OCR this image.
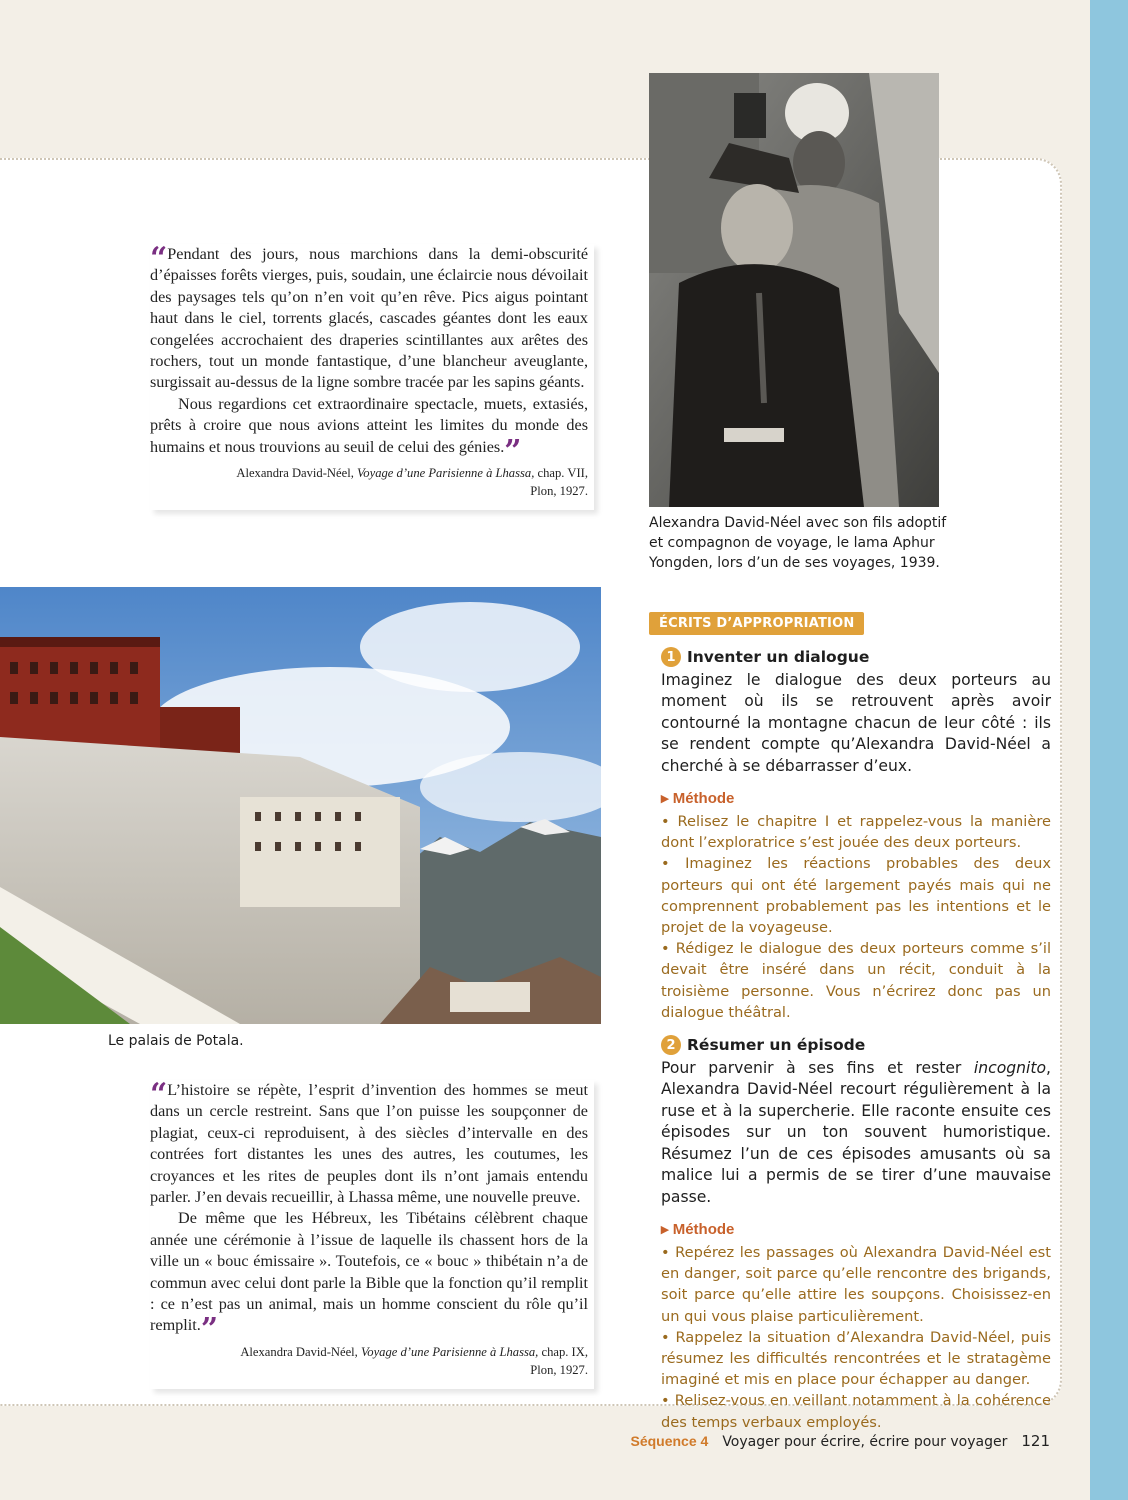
“Pendant des jours, nous marchions dans la demi-obscurité d’épaisses forêts vierges, puis, soudain, une éclaircie nous dévoilait des paysages tels qu’on n’en voit qu’en rêve. Pics aigus pointant haut dans le ciel, torrents glacés, cascades géantes dont les eaux congelées accrochaient des draperies scintillantes aux arêtes des rochers, tout un monde fantastique, d’une blancheur aveuglante, surgissait au-dessus de la ligne sombre tracée par les sapins géants.

Nous regardions cet extraordinaire spectacle, muets, extasiés, prêts à croire que nous avions atteint les limites du monde des humains et nous trouvions au seuil de celui des génies.”

Alexandra David-Néel, Voyage d’une Parisienne à Lhassa, chap. VII,
Plon, 1927.
Alexandra David-Néel avec son fils adoptif et compagnon de voyage, le lama Aphur Yongden, lors d’un de ses voyages, 1939.
Le palais de Potala.

“L’histoire se répète, l’esprit d’invention des hommes se meut dans un cercle restreint. Sans que l’on puisse les soupçonner de plagiat, ceux-ci reproduisent, à des siècles d’intervalle en des contrées fort distantes les unes des autres, les coutumes, les croyances et les rites de peuples dont ils n’ont jamais entendu parler. J’en devais recueillir, à Lhassa même, une nouvelle preuve.

De même que les Hébreux, les Tibétains célèbrent chaque année une cérémonie à l’issue de laquelle ils chassent hors de la ville un « bouc émissaire ». Toutefois, ce « bouc » thibétain n’a de commun avec celui dont parle la Bible que la fonction qu’il remplit : ce n’est pas un animal, mais un homme conscient du rôle qu’il remplit.”

Alexandra David-Néel, Voyage d’une Parisienne à Lhassa, chap. IX,
Plon, 1927.
ÉCRITS D’APPROPRIATION
1 Inventer un dialogue

Imaginez le dialogue des deux porteurs au moment où ils se retrouvent après avoir contourné la montagne chacun de leur côté : ils se rendent compte qu’Alexandra David-Néel a cherché à se débarrasser d’eux.

▸ Méthode
• Relisez le chapitre I et rappelez-vous la manière dont l’exploratrice s’est jouée des deux porteurs.
• Imaginez les réactions probables des deux porteurs qui ont été largement payés mais qui ne comprennent probablement pas les intentions et le projet de la voyageuse.
• Rédigez le dialogue des deux porteurs comme s’il devait être inséré dans un récit, conduit à la troisième personne. Vous n’écrirez donc pas un dialogue théâtral.
2 Résumer un épisode

Pour parvenir à ses fins et rester incognito, Alexandra David-Néel recourt régulièrement à la ruse et à la supercherie. Elle raconte ensuite ces épisodes sur un ton souvent humoristique. Résumez l’un de ces épisodes amusants où sa malice lui a permis de se tirer d’une mauvaise passe.

▸ Méthode
• Repérez les passages où Alexandra David-Néel est en danger, soit parce qu’elle rencontre des brigands, soit parce qu’elle attire les soupçons. Choisissez-en un qui vous plaise particulièrement.
• Rappelez la situation d’Alexandra David-Néel, puis résumez les difficultés rencontrées et le stratagème imaginé et mis en place pour échapper au danger.
• Relisez-vous en veillant notamment à la cohérence des temps verbaux employés.
Séquence 4 Voyager pour écrire, écrire pour voyager 121
